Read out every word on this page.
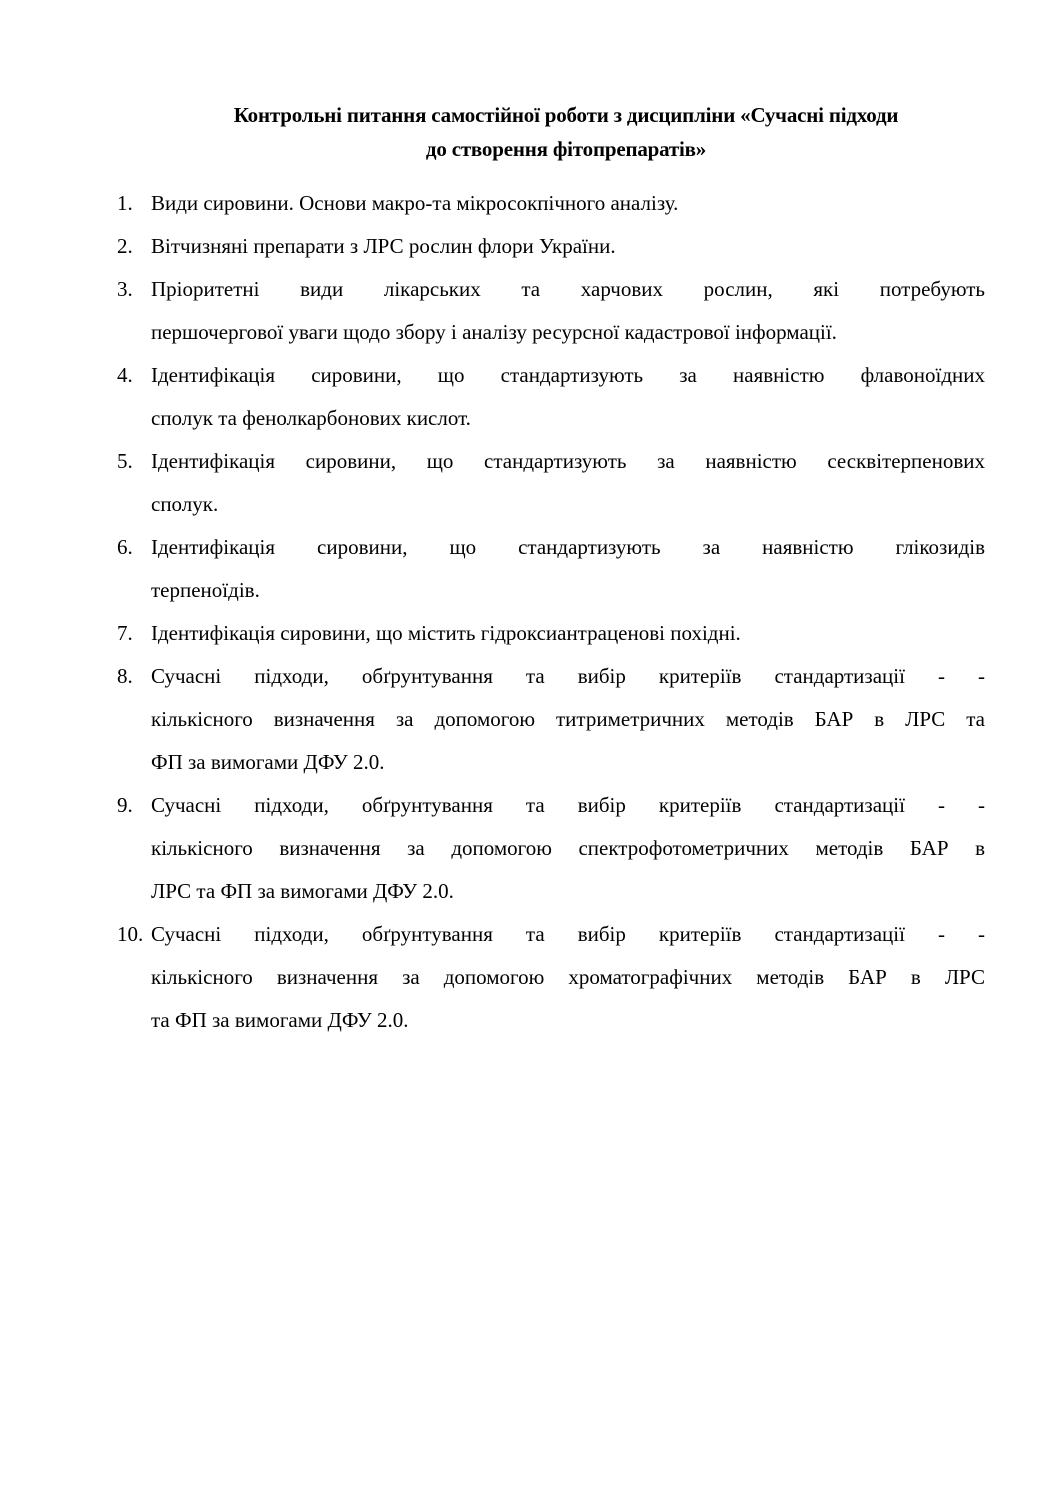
Контрольні питання самостійної роботи з дисципліни «Сучасні підходи
до створення фітопрепаратів»
1. Види сировини. Основи макро-та мікросокпічного аналізу.
2. Вітчизняні препарати з ЛРС рослин флори України.
3. Пріоритетні види лікарських та харчових рослин, які потребують
першочергової уваги щодо збору і аналізу ресурсної кадастрової інформації.
4. Ідентифікація сировини, що стандартизують за наявністю флавоноїдних
сполук та фенолкарбонових кислот.
5. Ідентифікація сировини, що стандартизують за наявністю сесквітерпенових
сполук.
6. Ідентифікація сировини, що стандартизують за наявністю глікозидів
терпеноїдів.
7. Ідентифікація сировини, що містить гідроксиантраценові похідні.
8. Сучасні підходи, обґрунтування та вибір критеріїв стандартизації - -
кількісного визначення за допомогою титриметричних методів БАР в ЛРС та
ФП за вимогами ДФУ 2.0.
9. Сучасні підходи, обґрунтування та вибір критеріїв стандартизації - -
кількісного визначення за допомогою спектрофотометричних методів БАР в
ЛРС та ФП за вимогами ДФУ 2.0.
10. Сучасні підходи, обґрунтування та вибір критеріїв стандартизації - -
кількісного визначення за допомогою хроматографічних методів БАР в ЛРС
та ФП за вимогами ДФУ 2.0.
